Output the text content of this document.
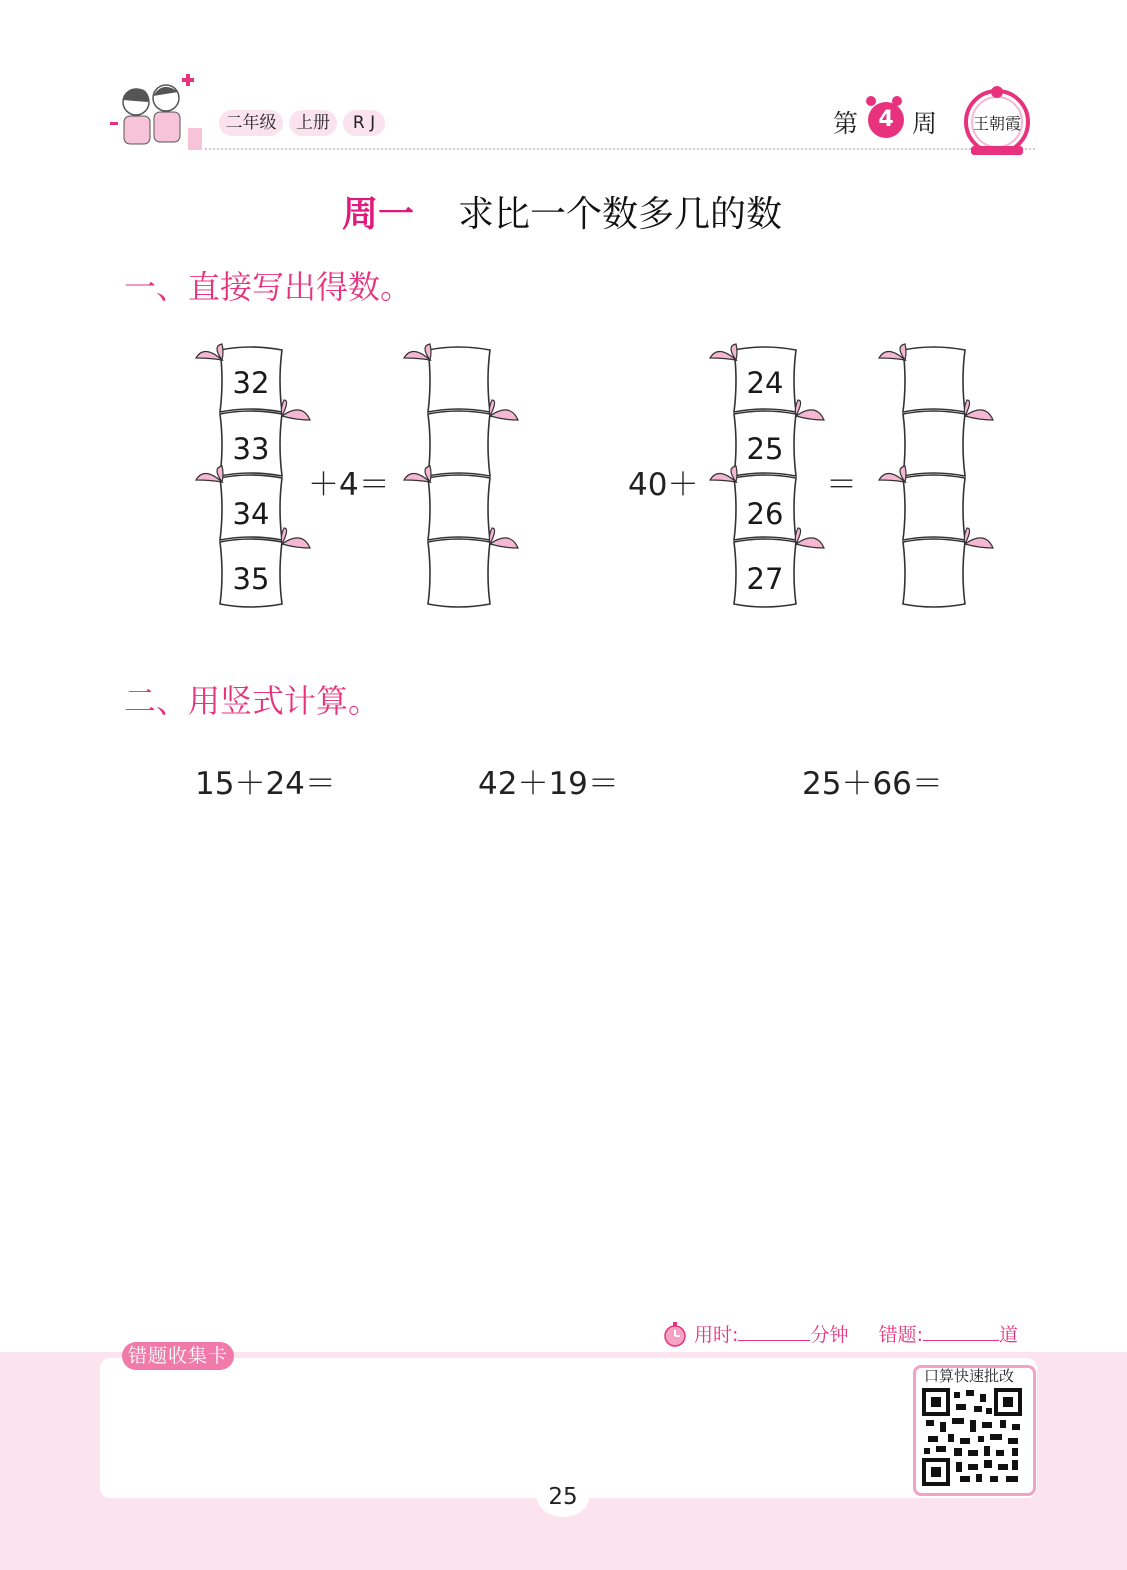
二年级	上册	R J	第 4 周	王朝霞
周一 求比一个数多几的数
一、直接写出得数。
32
33
34
35
＋4＝	40＋
24
25
26
27
＝
二、用竖式计算。
15＋24＝	42＋19＝	25＋66＝
用时:	分钟 错题:	道
错题收集卡
口算快速批改
25
